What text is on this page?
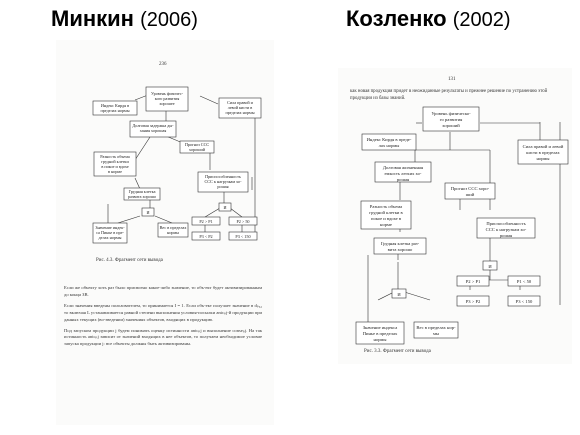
Минкин (2006)	Козленко (2002)
236
Уровень физичес-
кого развития
хорошее
Индекс Кирдя в
пределах нормы
Сила правой и
левой кисти в
пределах нормы
Долговая задержка ды-
хания хорошая
Прогноз ССС
хороший
Разность объема
грудной клетки
в покое и вдохе
в норме
Приспособленность
ССС к нагрузкам хо-
рошая
Грудная клетка
развита хорошо
И
И
Значение индек-
са Пинье в пре-
делах нормы
Вес в пределах
нормы
P2 > P1	P2 > 50
P3 < P2	P3 < 150
Рис. 4.3. Фрагмент сети вывода

Если же объекту хоть раз было присвоено какое-либо значение, то объ-ект будет активизированным до конца ЗВ.

Если значения введены пользователем, то принимается I = 1. Если объ-ект получает значение в dₚ₃₂ то включая L устанавливается равной степени выполнения условия-посылки antcₚj-й продукции при данных текущих (во-зведении) значениях объектов, входящих в продукцию.

Под запуском продукции j будем понимать оценку истинности antcₚj и выполнение conseₚj. На так истинность antcₚj зависит от значений входящих в нее объектов, то получаем необходимое условие запуска продукции j: все объекты должны быть активизированы.

131
как новая продукция придет в неожиданные результаты и прежнее решение по устранению этой продукции из базы знаний.
Уровень физическо-
го развития
хороший
Индекс Кирдя в преде-
лах нормы	Сила правой и левой
кисти в пределах
нормы
Долговая жизненная
емкость легких хо-
рошая
Прогноз ССС хоро-
ший
Разность объема
грудной клетки в
покое и вдохе в
норме	Приспособленность
ССС к нагрузкам хо-
рошая
Грудная клетка раз-
вита хорошо
И
И
P2 > P1	P1 < 50
P3 > P2	P3 < 150
Значение индекса
Пинье в пределах
нормы
Вес в пределах нор-
мы
Рис. 3.3. Фрагмент сети вывода
